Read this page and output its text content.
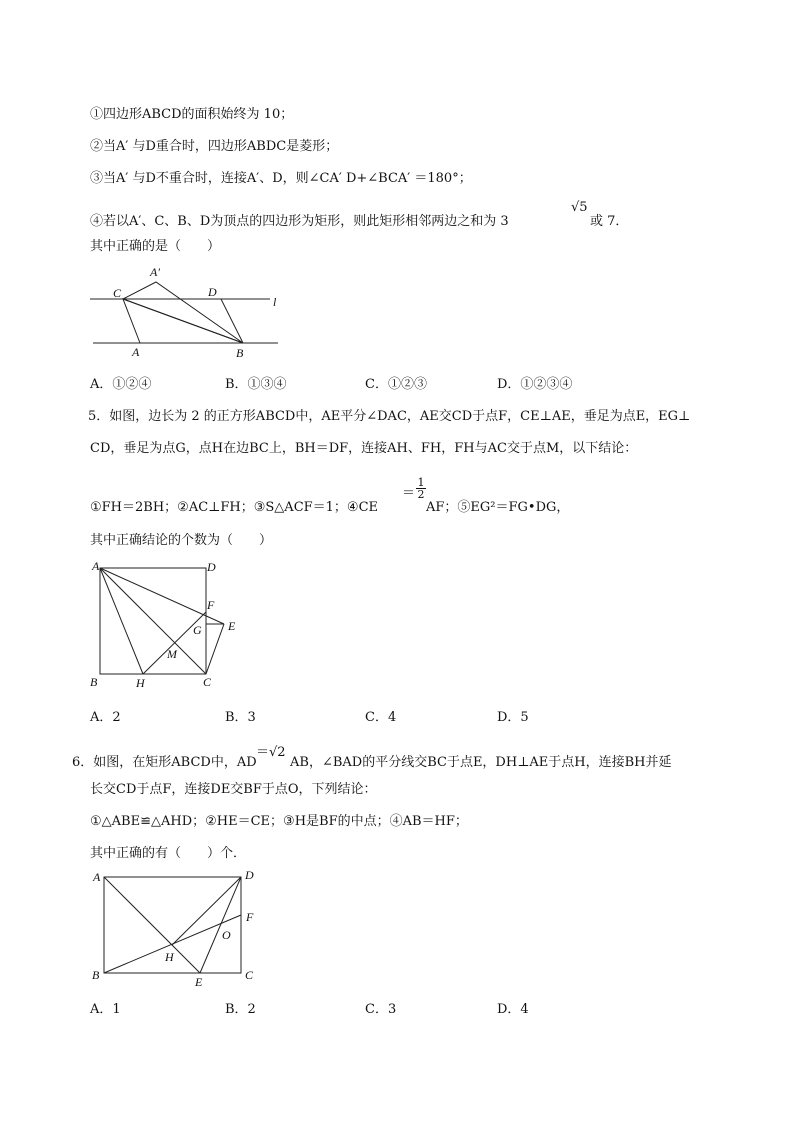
①四边形ABCD的面积始终为 10；
②当A′ 与D重合时，四边形ABDC是菱形；
③当A′ 与D不重合时，连接A′、D，则∠CA′ D+∠BCA′ ＝180°；
④若以A′、C、B、D为顶点的四边形为矩形，则此矩形相邻两边之和为 3
√5
或 7．
其中正确的是（　　）
C
A′
D
l
A	B
A．①②④	B．①③④	C．①②③	D．①②③④
5．如图，边长为 2 的正方形ABCD中，AE平分∠DAC，AE交CD于点F，CE⊥AE，垂足为点E，EG⊥
CD，垂足为点G，点H在边BC上，BH＝DF，连接AH、FH，FH与AC交于点M，以下结论：
①FH＝2BH；②AC⊥FH；③S△ACF＝1；④CE
＝ $\frac{1}{2}$
AF；⑤EG²＝FG•DG，
其中正确结论的个数为（　　）
A	D
F
G E
M
B	H	C
A．2	B．3	C．4	D．5
6．如图，在矩形ABCD中，AD
＝√2
AB，∠BAD的平分线交BC于点E，DH⊥AE于点H，连接BH并延
长交CD于点F，连接DE交BF于点O，下列结论：
①△ABE≌△AHD；②HE＝CE；③H是BF的中点；④AB＝HF；
其中正确的有（　　）个．
A	D
F
O
H
B	E	C
A．1	B．2	C．3	D．4
